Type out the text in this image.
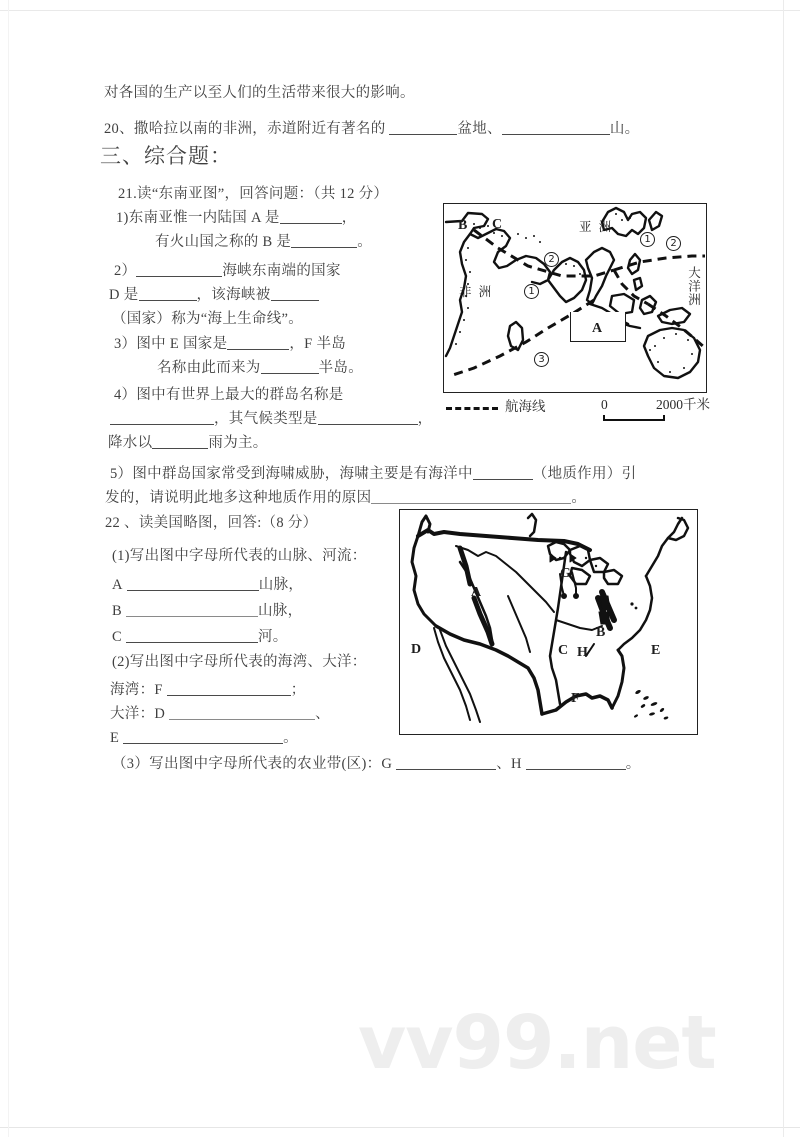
对各国的生产以至人们的生活带来很大的影响。
20、撒哈拉以南的非洲，赤道附近有著名的	盆地、	山。
三、综合题：
21.读“东南亚图”，回答问题：（共 12 分）
1)东南亚惟一内陆国 A 是	，
有火山国之称的 B 是	。
2）	海峡东南端的国家
D 是	，该海峡被
（国家）称为“海上生命线”。
3）图中 E 国家是	，F 半岛
名称由此而来为	半岛。
4）图中有世界上最大的群岛名称是
，其气候类型是	，
降水以	雨为主。
5）图中群岛国家常受到海啸威胁，海啸主要是有海洋中	（地质作用）引
发的，请说明此地多这种地质作用的原因	。
22 、读美国略图，回答:（8 分）
(1)写出图中字母所代表的山脉、河流：
A	山脉，
B	山脉，
C	河。
(2)写出图中字母所代表的海湾、大洋：
海湾：F	；
大洋：D	、
E	。
（3）写出图中字母所代表的农业带(区)：G	、H	。
B C
非 洲
亚 洲
大洋洲
1
2
1	2
3
A
航海线	0	2000千米
A
B
C
D	E
F
G
H
vv99.net
